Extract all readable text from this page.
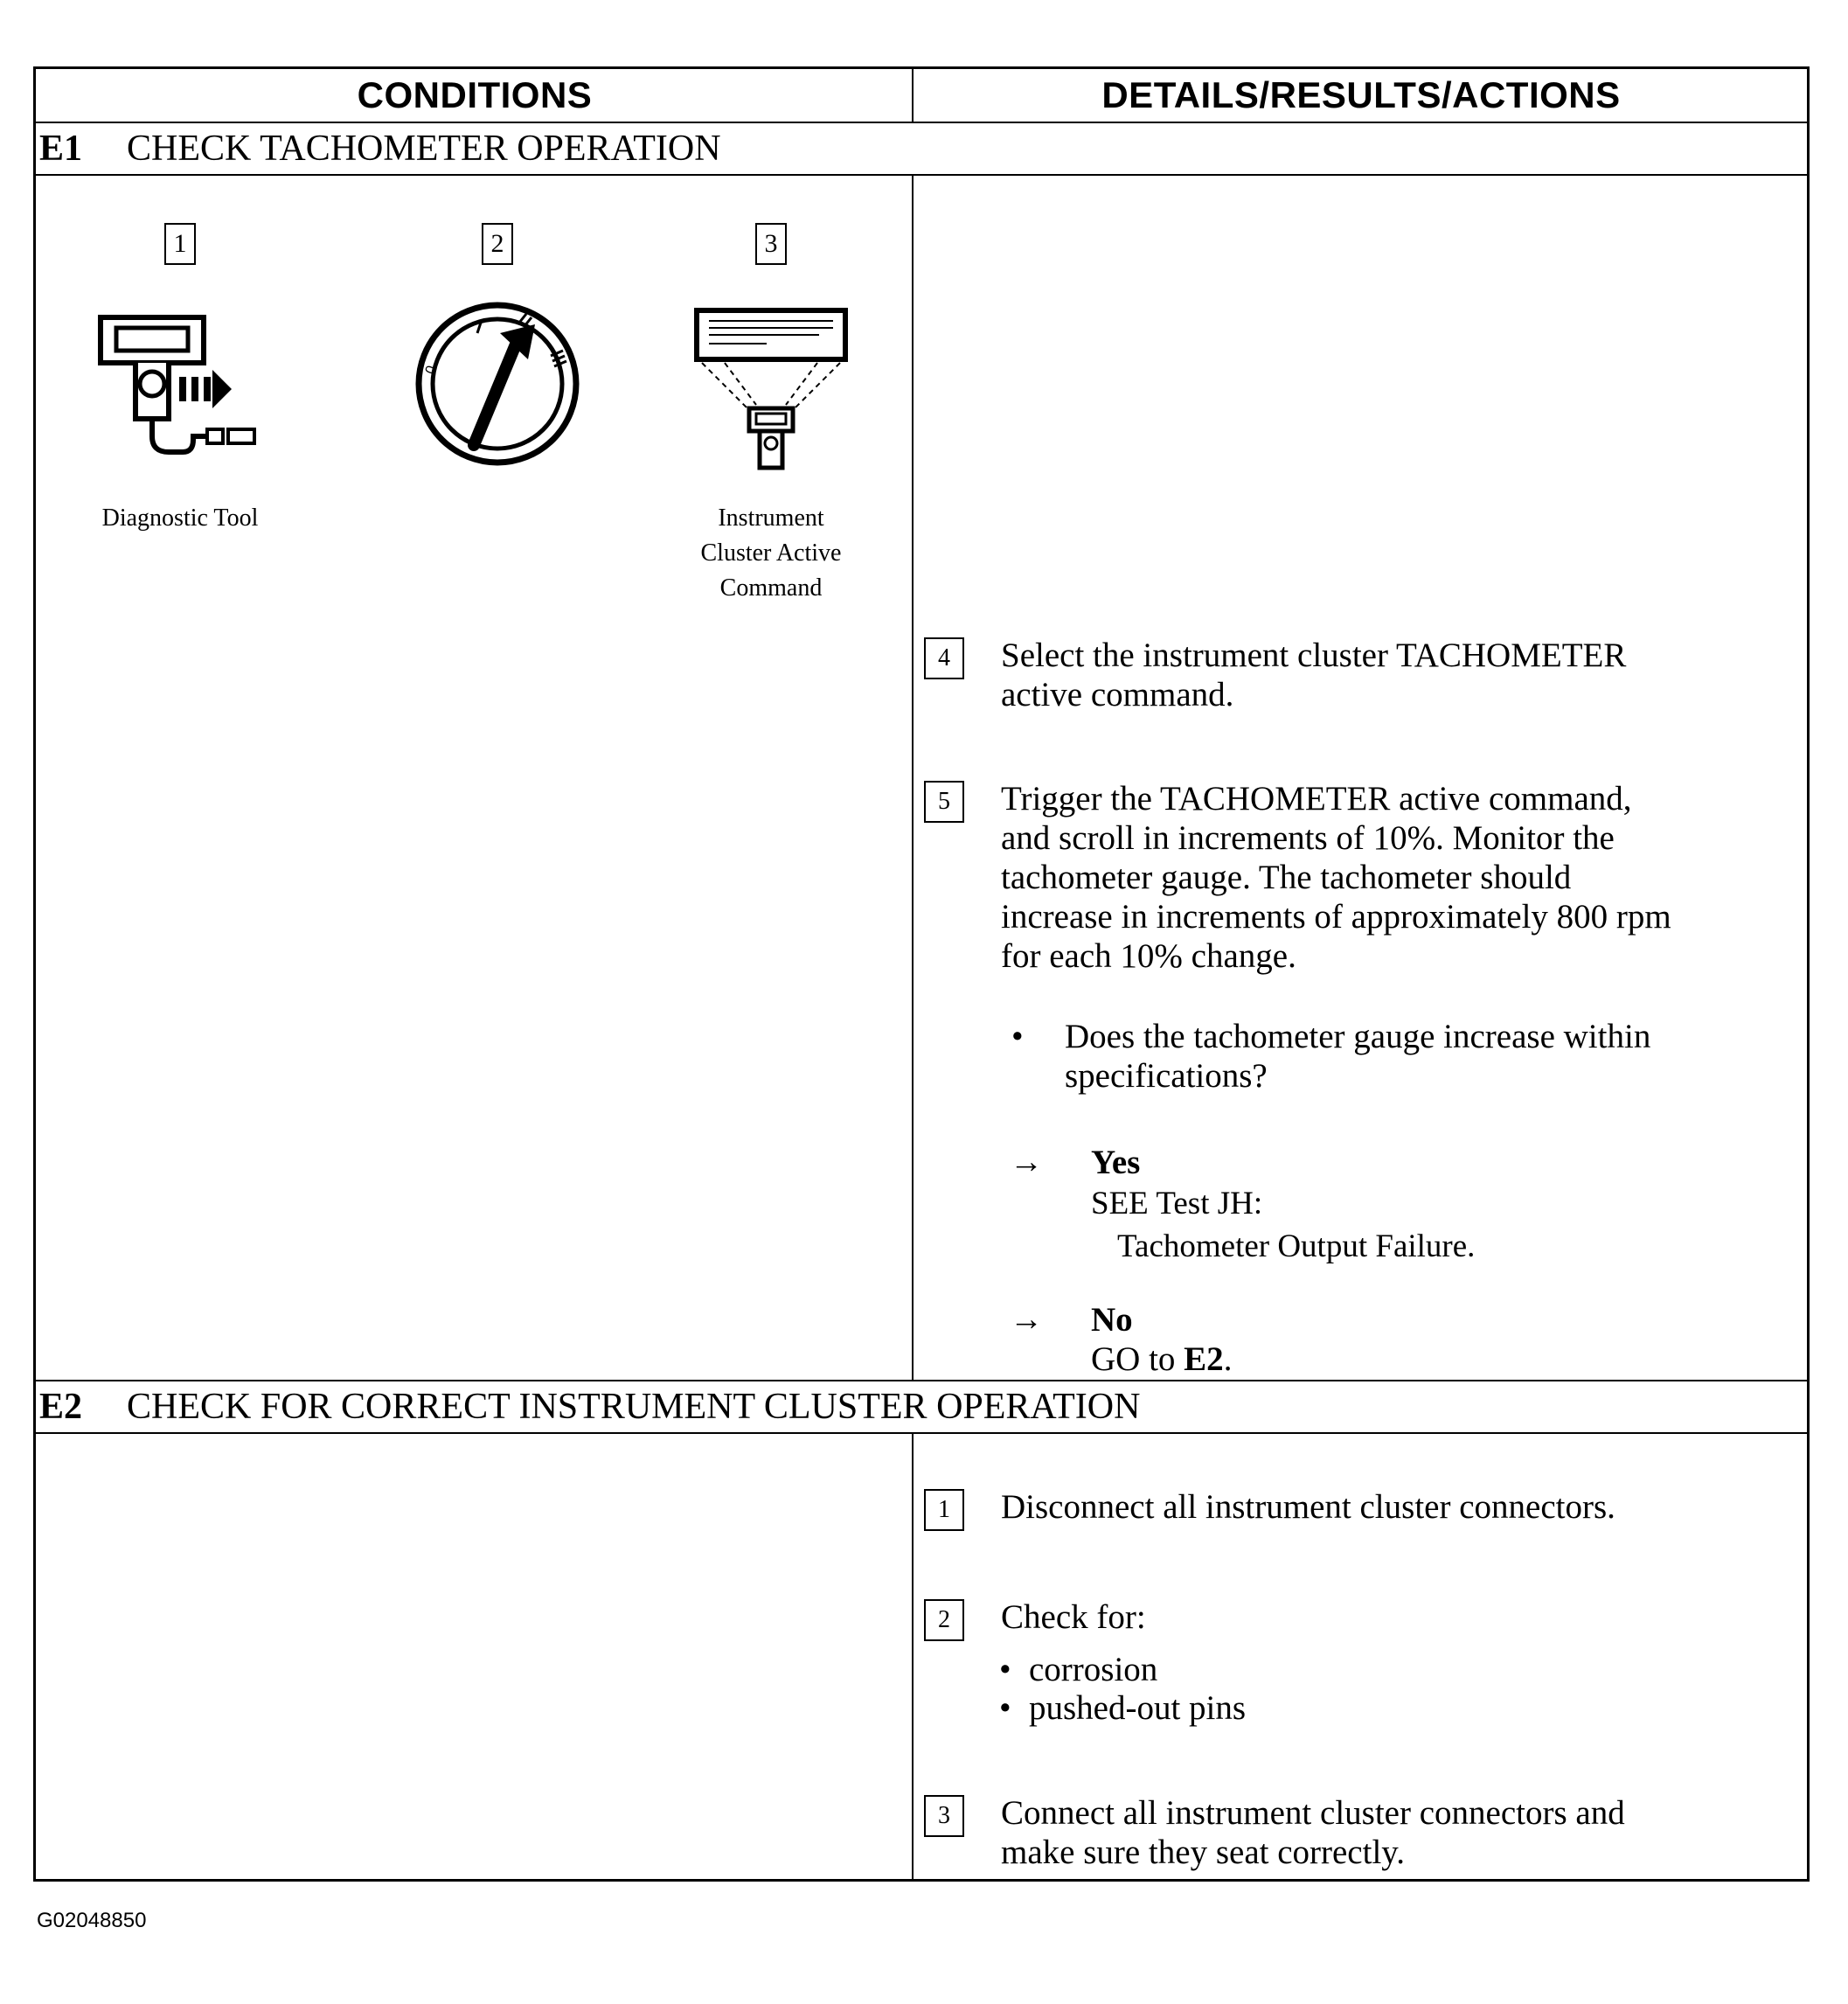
CONDITIONS	DETAILS/RESULTS/ACTIONS
E1 CHECK TACHOMETER OPERATION
1
Diagnostic Tool
2
0
3
Instrument
Cluster Active
Command
4	Select the instrument cluster TACHOMETER
active command.
5	Trigger the TACHOMETER active command,
and scroll in increments of 10%. Monitor the
tachometer gauge. The tachometer should
increase in increments of approximately 800 rpm
for each 10% change.
• Does the tachometer gauge increase within
specifications?
→ Yes
SEE Test JH:
Tachometer Output Failure.
→ No
GO to E2.
E2 CHECK FOR CORRECT INSTRUMENT CLUSTER OPERATION
1	Disconnect all instrument cluster connectors.
2	Check for:
• corrosion
• pushed-out pins
3	Connect all instrument cluster connectors and
make sure they seat correctly.
G02048850
